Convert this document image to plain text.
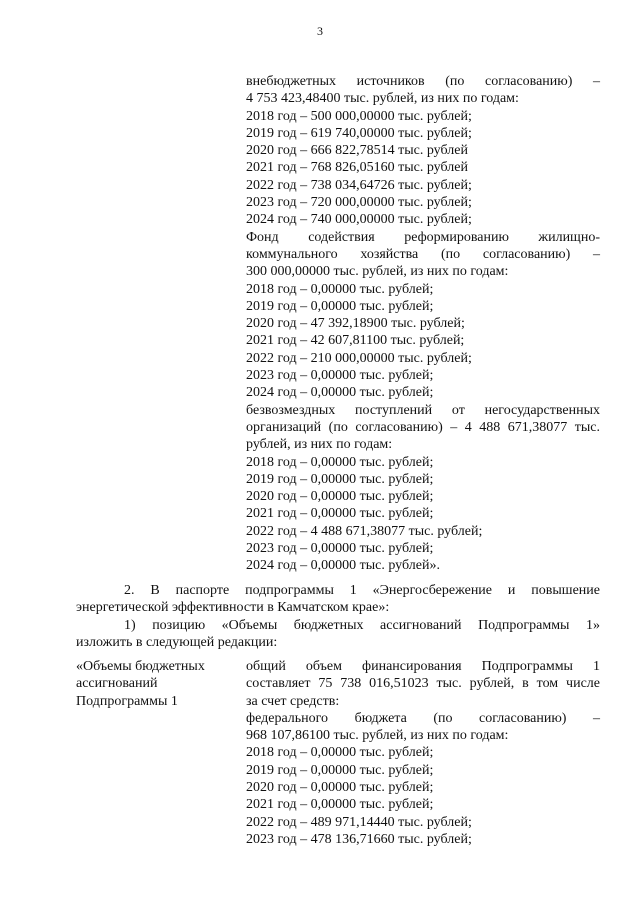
3
внебюджетных источников (по согласованию) –
4 753 423,48400 тыс. рублей, из них по годам:
2018 год – 500 000,00000 тыс. рублей;
2019 год – 619 740,00000 тыс. рублей;
2020 год – 666 822,78514 тыс. рублей
2021 год – 768 826,05160 тыс. рублей
2022 год – 738 034,64726 тыс. рублей;
2023 год – 720 000,00000 тыс. рублей;
2024 год – 740 000,00000 тыс. рублей;
Фонд содействия реформированию жилищно-
коммунального хозяйства (по согласованию) –
300 000,00000 тыс. рублей, из них по годам:
2018 год – 0,00000 тыс. рублей;
2019 год – 0,00000 тыс. рублей;
2020 год – 47 392,18900 тыс. рублей;
2021 год – 42 607,81100 тыс. рублей;
2022 год – 210 000,00000 тыс. рублей;
2023 год – 0,00000 тыс. рублей;
2024 год – 0,00000 тыс. рублей;
безвозмездных поступлений от негосударственных
организаций (по согласованию) – 4 488 671,38077 тыс.
рублей, из них по годам:
2018 год – 0,00000 тыс. рублей;
2019 год – 0,00000 тыс. рублей;
2020 год – 0,00000 тыс. рублей;
2021 год – 0,00000 тыс. рублей;
2022 год – 4 488 671,38077 тыс. рублей;
2023 год – 0,00000 тыс. рублей;
2024 год – 0,00000 тыс. рублей».
2. В паспорте подпрограммы 1 «Энергосбережение и повышение
энергетической эффективности в Камчатском крае»:
1) позицию «Объемы бюджетных ассигнований Подпрограммы 1»
изложить в следующей редакции:
«Объемы бюджетных
ассигнований
Подпрограммы 1
общий объем финансирования Подпрограммы 1
составляет 75 738 016,51023 тыс. рублей, в том числе
за счет средств:
федерального бюджета (по согласованию) –
968 107,86100 тыс. рублей, из них по годам:
2018 год – 0,00000 тыс. рублей;
2019 год – 0,00000 тыс. рублей;
2020 год – 0,00000 тыс. рублей;
2021 год – 0,00000 тыс. рублей;
2022 год – 489 971,14440 тыс. рублей;
2023 год – 478 136,71660 тыс. рублей;
